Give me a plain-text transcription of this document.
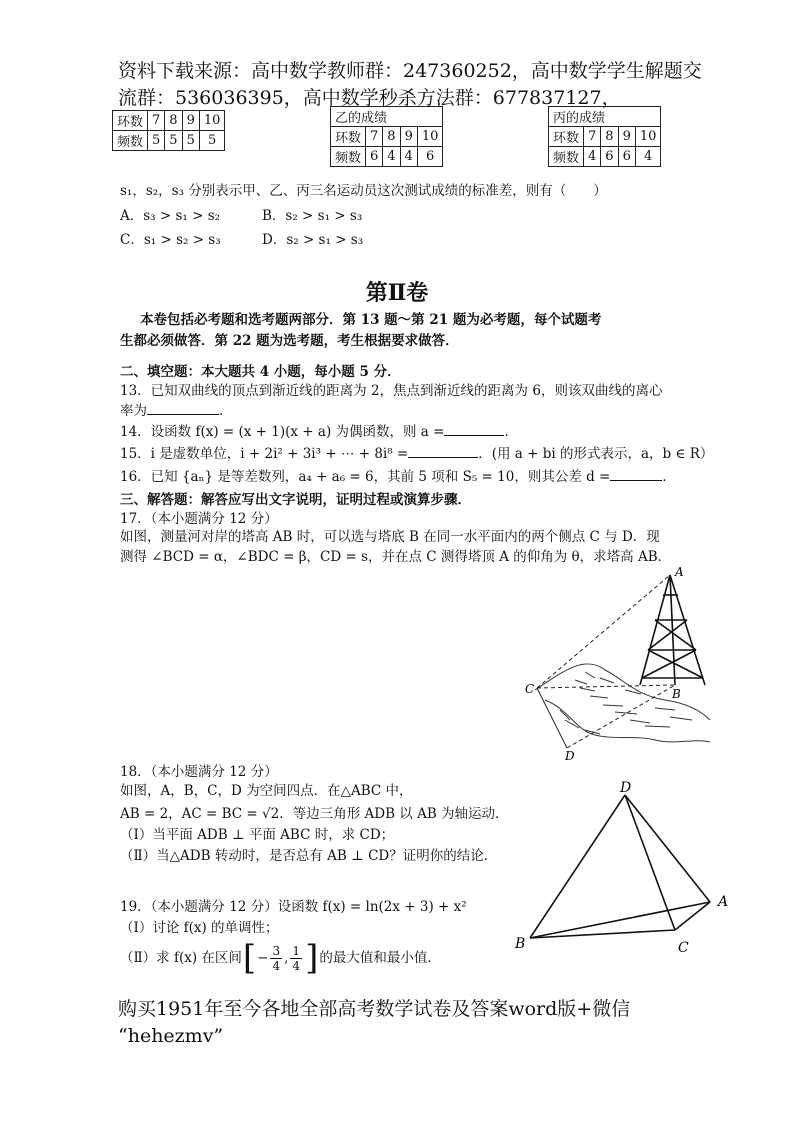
资料下载来源：高中数学教师群：247360252，高中数学学生解题交
流群：536036395，高中数学秒杀方法群：677837127，
环数	7	8	9	10
频数	5	5	5	5
乙的成绩				
环数	7	8	9	10
频数	6	4	4	6
丙的成绩				
环数	7	8	9	10
频数	4	6	6	4
s₁，s₂，s₃ 分别表示甲、乙、丙三名运动员这次测试成绩的标准差，则有（　　）
A．s₃ > s₁ > s₂	B．s₂ > s₁ > s₃
C．s₁ > s₂ > s₃	D．s₂ > s₁ > s₃
第Ⅱ卷
本卷包括必考题和选考题两部分．第 13 题～第 21 题为必考题，每个试题考
生都必须做答．第 22 题为选考题，考生根据要求做答．
二、填空题：本大题共 4 小题，每小题 5 分．
13．已知双曲线的顶点到渐近线的距离为 2，焦点到渐近线的距离为 6，则该双曲线的离心
率为	．
14．设函数 f(x) = (x + 1)(x + a) 为偶函数，则 a =	．
15．i 是虚数单位，i + 2i² + 3i³ + ⋯ + 8i⁸ =	．(用 a + bi 的形式表示，a，b ∈ R）
16．已知 {aₙ} 是等差数列，a₄ + a₆ = 6，其前 5 项和 S₅ = 10，则其公差 d =	．
三、解答题：解答应写出文字说明，证明过程或演算步骤．
17．（本小题满分 12 分）
如图，测量河对岸的塔高 AB 时，可以选与塔底 B 在同一水平面内的两个侧点 C 与 D．现
测得 ∠BCD = α，∠BDC = β，CD = s，并在点 C 测得塔顶 A 的仰角为 θ，求塔高 AB．
A
B
C
D
18．（本小题满分 12 分）
如图，A，B，C，D 为空间四点．在△ABC 中，
AB = 2，AC = BC = √2．等边三角形 ADB 以 AB 为轴运动．
（Ⅰ）当平面 ADB ⊥ 平面 ABC 时，求 CD；
（Ⅱ）当△ADB 转动时，是否总有 AB ⊥ CD？证明你的结论．
D
A
B	C
19．（本小题满分 12 分）设函数 f(x) = ln(2x + 3) + x²
（Ⅰ）讨论 f(x) 的单调性；
（Ⅱ）求 f(x) 在区间 [ − $\frac{3}{4}$ , $\frac{1}{4}$ ] 的最大值和最小值．
购买1951年至今各地全部高考数学试卷及答案word版+微信
“hehezmv”
